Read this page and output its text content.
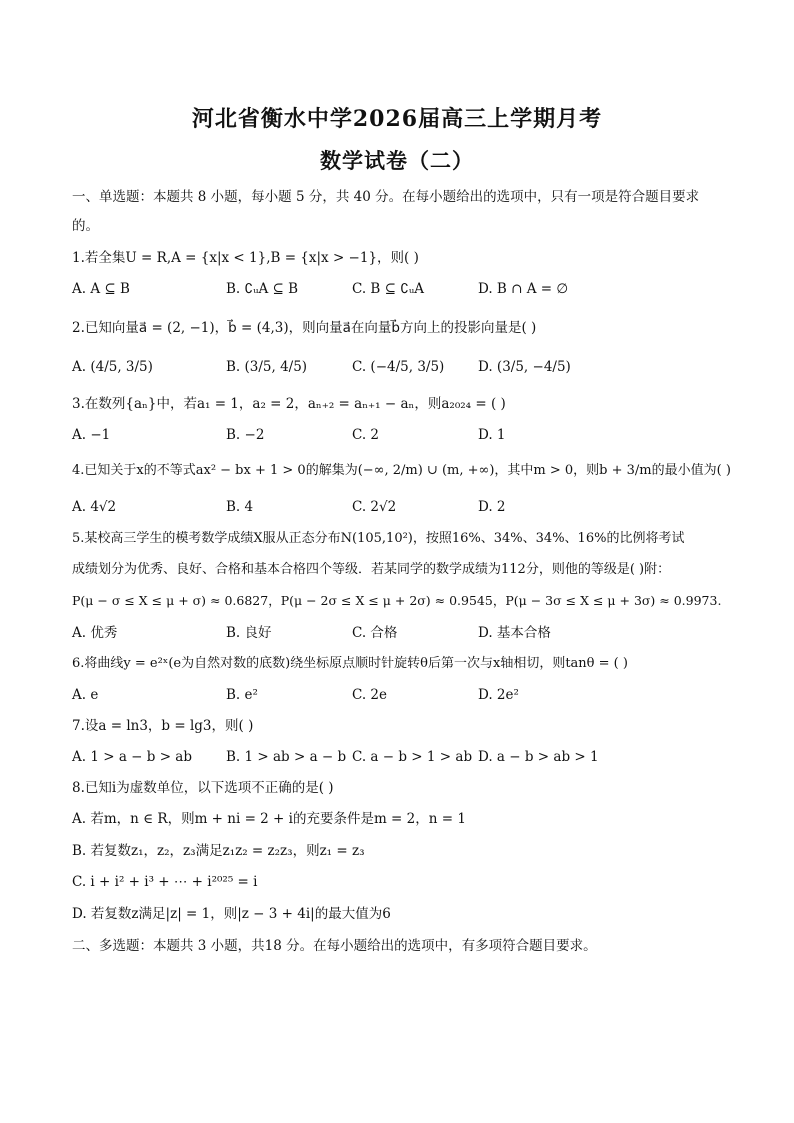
河北省衡水中学2026届高三上学期月考
数学试卷（二）
一、单选题：本题共 8 小题，每小题 5 分，共 40 分。在每小题给出的选项中，只有一项是符合题目要求
的。
1.若全集U = R,A = {x|x < 1},B = {x|x > −1}，则( )
A. A ⊆ B	B. ∁ᵤA ⊆ B	C. B ⊆ ∁ᵤA	D. B ∩ A = ∅
2.已知向量a⃗ = (2, −1)，b⃗ = (4,3)，则向量a⃗在向量b⃗方向上的投影向量是( )
A. (4/5, 3/5)	B. (3/5, 4/5)	C. (−4/5, 3/5) D. (3/5, −4/5)
3.在数列{aₙ}中，若a₁ = 1，a₂ = 2，aₙ₊₂ = aₙ₊₁ − aₙ，则a₂₀₂₄ = ( )
A. −1	B. −2	C. 2	D. 1
4.已知关于x的不等式ax² − bx + 1 > 0的解集为(−∞, 2/m) ∪ (m, +∞)，其中m > 0，则b + 3/m的最小值为( )
A. 4√2	B. 4	C. 2√2	D. 2
5.某校高三学生的模考数学成绩X服从正态分布N(105,10²)，按照16%、34%、34%、16%的比例将考试
成绩划分为优秀、良好、合格和基本合格四个等级．若某同学的数学成绩为112分，则他的等级是( )附：
P(μ − σ ≤ X ≤ μ + σ) ≈ 0.6827，P(μ − 2σ ≤ X ≤ μ + 2σ) ≈ 0.9545，P(μ − 3σ ≤ X ≤ μ + 3σ) ≈ 0.9973.
A. 优秀	B. 良好	C. 合格	D. 基本合格
6.将曲线y = e²ˣ(e为自然对数的底数)绕坐标原点顺时针旋转θ后第一次与x轴相切，则tanθ = ( )
A. e	B. e²	C. 2e	D. 2e²
7.设a = ln3，b = lg3，则( )
A. 1 > a − b > ab	B. 1 > ab > a − b C. a − b > 1 > ab D. a − b > ab > 1
8.已知i为虚数单位，以下选项不正确的是( )
A. 若m，n ∈ R，则m + ni = 2 + i的充要条件是m = 2，n = 1
B. 若复数z₁，z₂，z₃满足z₁z₂ = z₂z₃，则z₁ = z₃
C. i + i² + i³ + ⋯ + i²⁰²⁵ = i
D. 若复数z满足|z| = 1，则|z − 3 + 4i|的最大值为6
二、多选题：本题共 3 小题，共18 分。在每小题给出的选项中，有多项符合题目要求。
